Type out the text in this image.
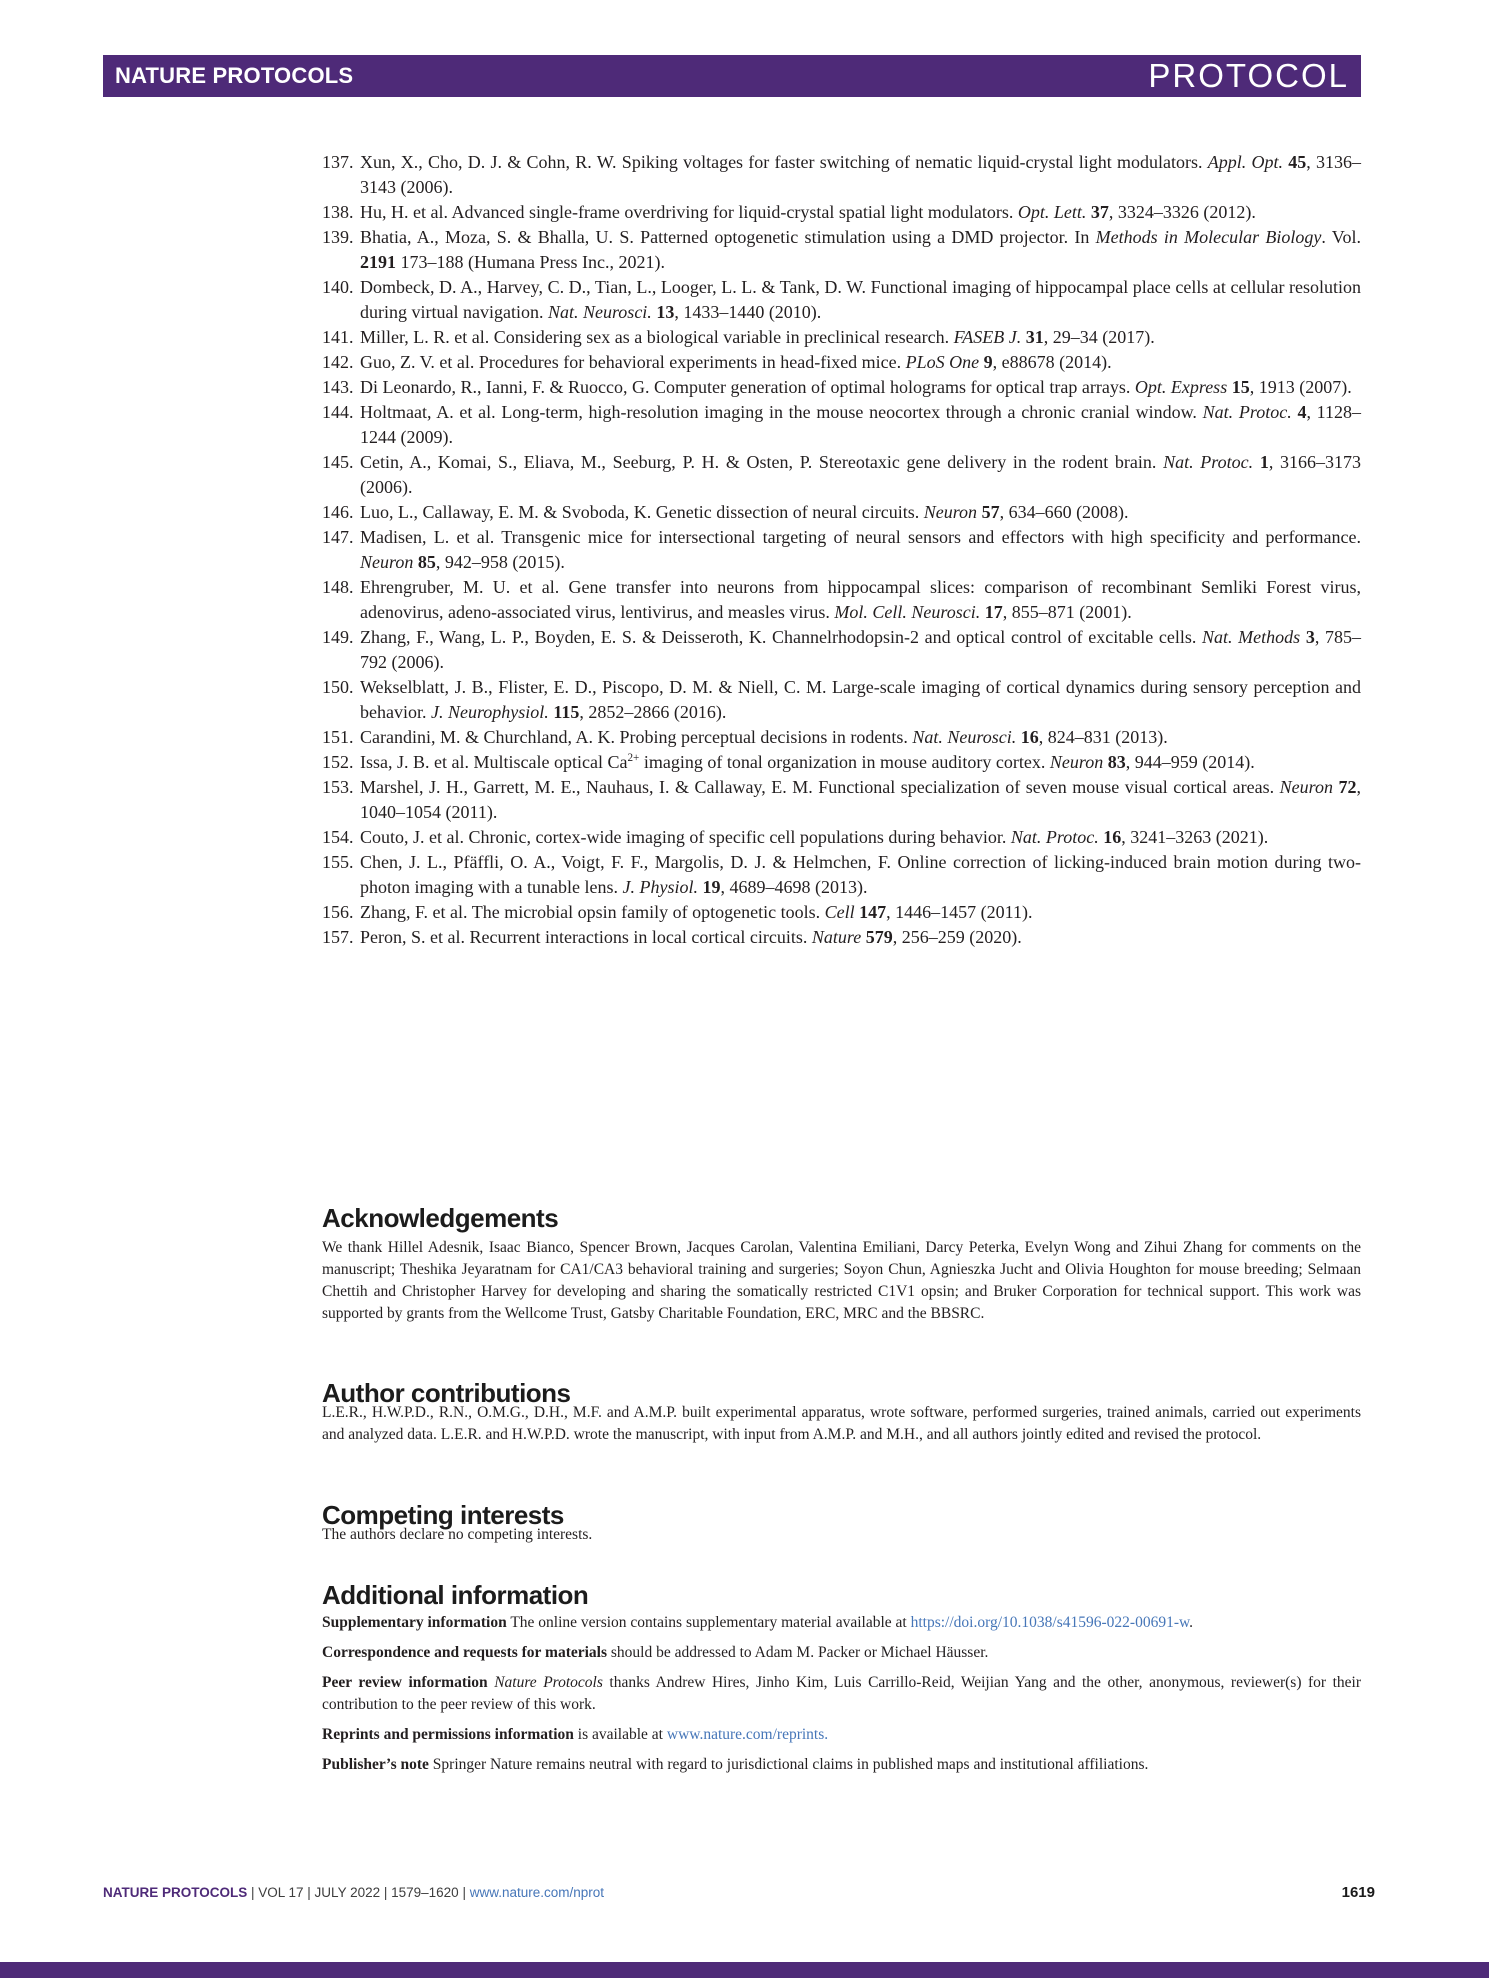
NATURE PROTOCOLS	PROTOCOL
137. Xun, X., Cho, D. J. & Cohn, R. W. Spiking voltages for faster switching of nematic liquid-crystal light modulators. Appl. Opt. 45, 3136–3143 (2006).
138. Hu, H. et al. Advanced single-frame overdriving for liquid-crystal spatial light modulators. Opt. Lett. 37, 3324–3326 (2012).
139. Bhatia, A., Moza, S. & Bhalla, U. S. Patterned optogenetic stimulation using a DMD projector. In Methods in Molecular Biology. Vol. 2191 173–188 (Humana Press Inc., 2021).
140. Dombeck, D. A., Harvey, C. D., Tian, L., Looger, L. L. & Tank, D. W. Functional imaging of hippocampal place cells at cellular resolution during virtual navigation. Nat. Neurosci. 13, 1433–1440 (2010).
141. Miller, L. R. et al. Considering sex as a biological variable in preclinical research. FASEB J. 31, 29–34 (2017).
142. Guo, Z. V. et al. Procedures for behavioral experiments in head-fixed mice. PLoS One 9, e88678 (2014).
143. Di Leonardo, R., Ianni, F. & Ruocco, G. Computer generation of optimal holograms for optical trap arrays. Opt. Express 15, 1913 (2007).
144. Holtmaat, A. et al. Long-term, high-resolution imaging in the mouse neocortex through a chronic cranial window. Nat. Protoc. 4, 1128–1244 (2009).
145. Cetin, A., Komai, S., Eliava, M., Seeburg, P. H. & Osten, P. Stereotaxic gene delivery in the rodent brain. Nat. Protoc. 1, 3166–3173 (2006).
146. Luo, L., Callaway, E. M. & Svoboda, K. Genetic dissection of neural circuits. Neuron 57, 634–660 (2008).
147. Madisen, L. et al. Transgenic mice for intersectional targeting of neural sensors and effectors with high specificity and performance. Neuron 85, 942–958 (2015).
148. Ehrengruber, M. U. et al. Gene transfer into neurons from hippocampal slices: comparison of recombinant Semliki Forest virus, adenovirus, adeno-associated virus, lentivirus, and measles virus. Mol. Cell. Neurosci. 17, 855–871 (2001).
149. Zhang, F., Wang, L. P., Boyden, E. S. & Deisseroth, K. Channelrhodopsin-2 and optical control of excitable cells. Nat. Methods 3, 785–792 (2006).
150. Wekselblatt, J. B., Flister, E. D., Piscopo, D. M. & Niell, C. M. Large-scale imaging of cortical dynamics during sensory perception and behavior. J. Neurophysiol. 115, 2852–2866 (2016).
151. Carandini, M. & Churchland, A. K. Probing perceptual decisions in rodents. Nat. Neurosci. 16, 824–831 (2013).
152. Issa, J. B. et al. Multiscale optical $Ca^{2+}$ imaging of tonal organization in mouse auditory cortex. Neuron 83, 944–959 (2014).
153. Marshel, J. H., Garrett, M. E., Nauhaus, I. & Callaway, E. M. Functional specialization of seven mouse visual cortical areas. Neuron 72, 1040–1054 (2011).
154. Couto, J. et al. Chronic, cortex-wide imaging of specific cell populations during behavior. Nat. Protoc. 16, 3241–3263 (2021).
155. Chen, J. L., Pfäffli, O. A., Voigt, F. F., Margolis, D. J. & Helmchen, F. Online correction of licking-induced brain motion during two-photon imaging with a tunable lens. J. Physiol. 19, 4689–4698 (2013).
156. Zhang, F. et al. The microbial opsin family of optogenetic tools. Cell 147, 1446–1457 (2011).
157. Peron, S. et al. Recurrent interactions in local cortical circuits. Nature 579, 256–259 (2020).
Acknowledgements

We thank Hillel Adesnik, Isaac Bianco, Spencer Brown, Jacques Carolan, Valentina Emiliani, Darcy Peterka, Evelyn Wong and Zihui Zhang for comments on the manuscript; Theshika Jeyaratnam for CA1/CA3 behavioral training and surgeries; Soyon Chun, Agnieszka Jucht and Olivia Houghton for mouse breeding; Selmaan Chettih and Christopher Harvey for developing and sharing the somatically restricted C1V1 opsin; and Bruker Corporation for technical support. This work was supported by grants from the Wellcome Trust, Gatsby Charitable Foundation, ERC, MRC and the BBSRC.

Author contributions

L.E.R., H.W.P.D., R.N., O.M.G., D.H., M.F. and A.M.P. built experimental apparatus, wrote software, performed surgeries, trained animals, carried out experiments and analyzed data. L.E.R. and H.W.P.D. wrote the manuscript, with input from A.M.P. and M.H., and all authors jointly edited and revised the protocol.

Competing interests

The authors declare no competing interests.

Additional information

Supplementary information The online version contains supplementary material available at https://doi.org/10.1038/s41596-022-00691-w.

Correspondence and requests for materials should be addressed to Adam M. Packer or Michael Häusser.

Peer review information Nature Protocols thanks Andrew Hires, Jinho Kim, Luis Carrillo-Reid, Weijian Yang and the other, anonymous, reviewer(s) for their contribution to the peer review of this work.

Reprints and permissions information is available at www.nature.com/reprints.

Publisher’s note Springer Nature remains neutral with regard to jurisdictional claims in published maps and institutional affiliations.

NATURE PROTOCOLS | VOL 17 | JULY 2022 | 1579–1620 | www.nature.com/nprot	1619
